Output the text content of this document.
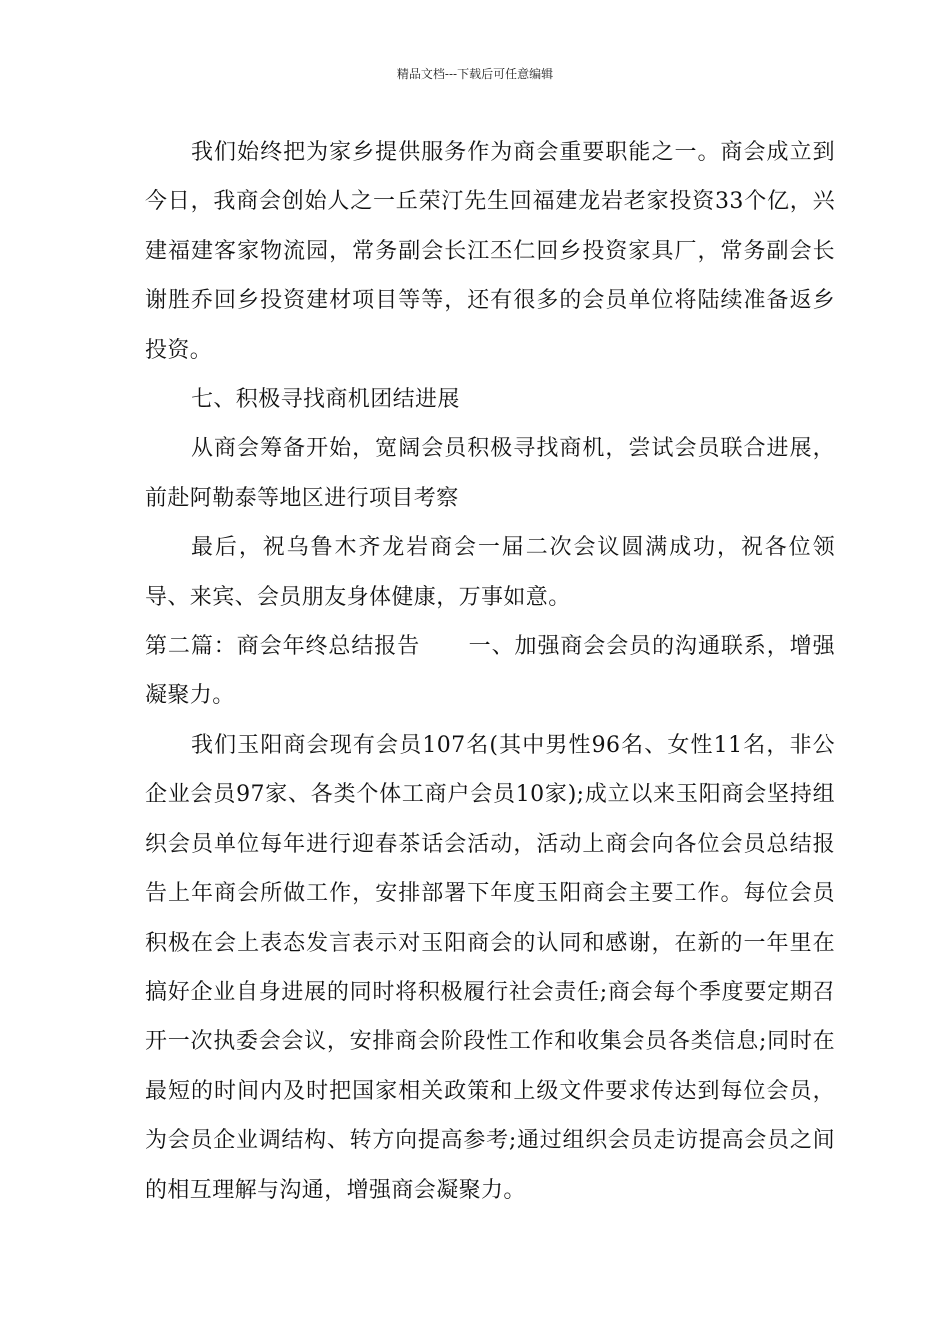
精品文档---下载后可任意编辑

我们始终把为家乡提供服务作为商会重要职能之一。商会成立到今日，我商会创始人之一丘荣汀先生回福建龙岩老家投资33个亿，兴建福建客家物流园，常务副会长江丕仁回乡投资家具厂，常务副会长谢胜乔回乡投资建材项目等等，还有很多的会员单位将陆续准备返乡投资。

七、积极寻找商机团结进展

从商会筹备开始，宽阔会员积极寻找商机，尝试会员联合进展，前赴阿勒泰等地区进行项目考察

最后，祝乌鲁木齐龙岩商会一届二次会议圆满成功，祝各位领导、来宾、会员朋友身体健康，万事如意。

第二篇：商会年终总结报告 一、加强商会会员的沟通联系，增强凝聚力。

我们玉阳商会现有会员107名(其中男性96名、女性11名，非公企业会员97家、各类个体工商户会员10家);成立以来玉阳商会坚持组织会员单位每年进行迎春茶话会活动，活动上商会向各位会员总结报告上年商会所做工作，安排部署下年度玉阳商会主要工作。每位会员积极在会上表态发言表示对玉阳商会的认同和感谢，在新的一年里在搞好企业自身进展的同时将积极履行社会责任;商会每个季度要定期召开一次执委会会议，安排商会阶段性工作和收集会员各类信息;同时在最短的时间内及时把国家相关政策和上级文件要求传达到每位会员，为会员企业调结构、转方向提高参考;通过组织会员走访提高会员之间的相互理解与沟通，增强商会凝聚力。
